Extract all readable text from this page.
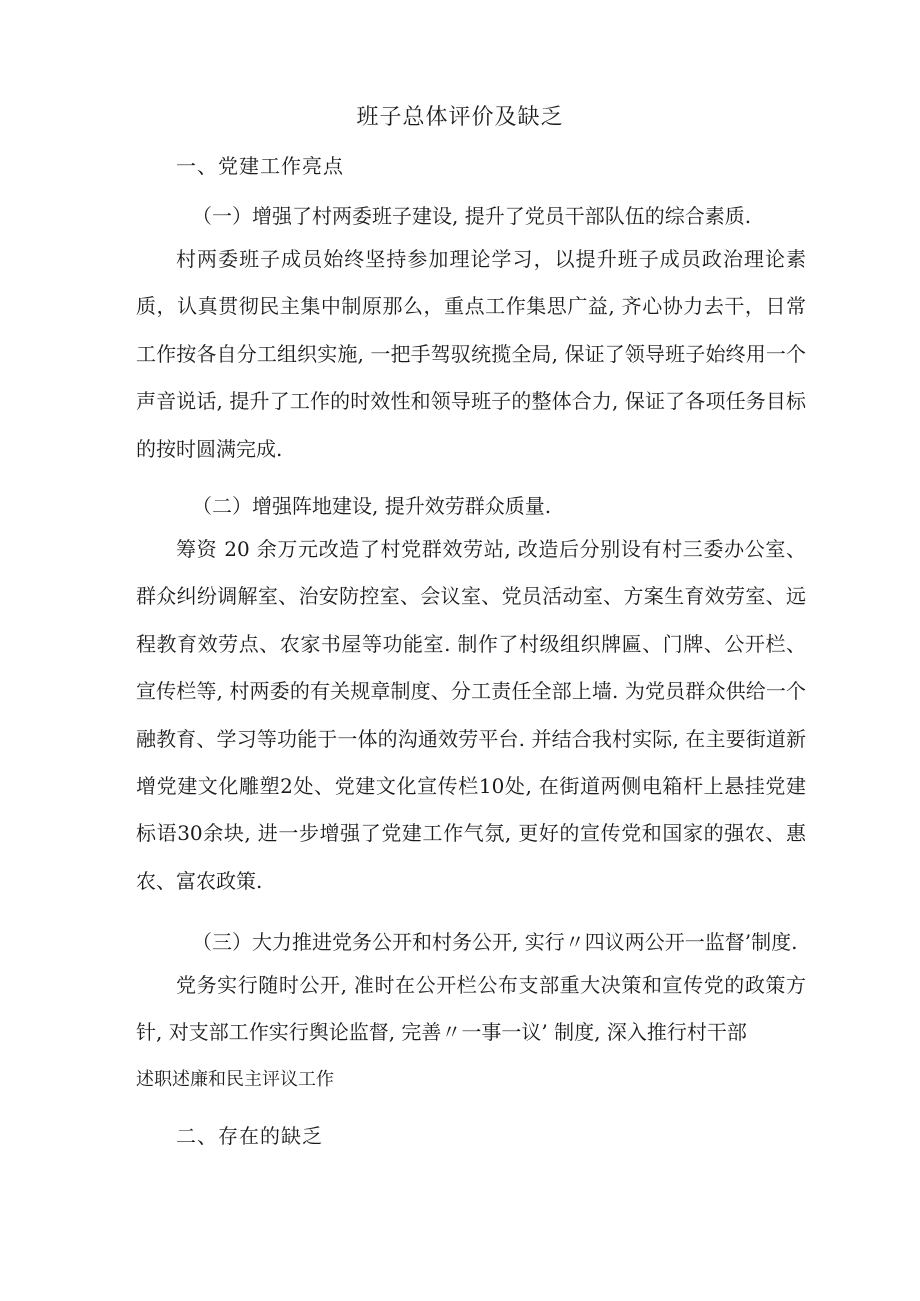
班子总体评价及缺乏
一、党建工作亮点
（一）增强了村两委班子建设, 提升了党员干部队伍的综合素质.

村两委班子成员始终坚持参加理论学习，以提升班子成员政治理论素质，认真贯彻民主集中制原那么，重点工作集思广益, 齐心协力去干，日常工作按各自分工组织实施, 一把手驾驭统揽全局, 保证了领导班子始终用一个声音说话, 提升了工作的时效性和领导班子的整体合力, 保证了各项任务目标的按时圆满完成.

（二）增强阵地建设, 提升效劳群众质量.

筹资 20 余万元改造了村党群效劳站, 改造后分别设有村三委办公室、群众纠纷调解室、治安防控室、会议室、党员活动室、方案生育效劳室、远程教育效劳点、农家书屋等功能室. 制作了村级组织牌匾、门牌、公开栏、宣传栏等, 村两委的有关规章制度、分工责任全部上墙. 为党员群众供给一个融教育、学习等功能于一体的沟通效劳平台. 并结合我村实际, 在主要街道新增党建文化雕塑2处、党建文化宣传栏10处, 在街道两侧电箱杆上悬挂党建标语30余块, 进一步增强了党建工作气氛, 更好的宣传党和国家的强农、惠农、富农政策.

（三）大力推进党务公开和村务公开, 实行〃四议两公开一监督’制度.

党务实行随时公开, 准时在公开栏公布支部重大决策和宣传党的政策方针, 对支部工作实行舆论监督, 完善〃一事一议’ 制度, 深入推行村干部

述职述廉和民主评议工作
二、存在的缺乏
